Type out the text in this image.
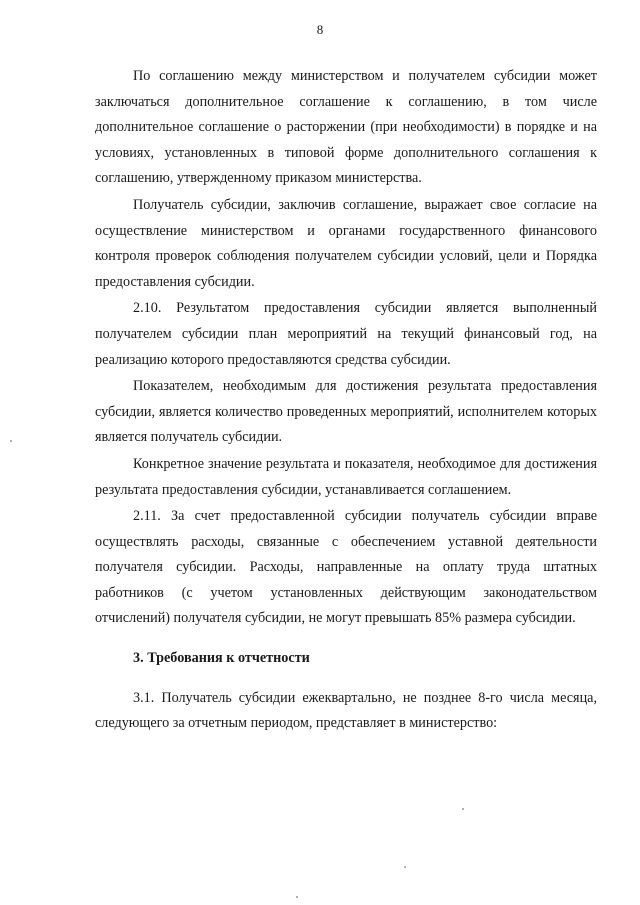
8

По соглашению между министерством и получателем субсидии может заключаться дополнительное соглашение к соглашению, в том числе дополнительное соглашение о расторжении (при необходимости) в порядке и на условиях, установленных в типовой форме дополнительного соглашения к соглашению, утвержденному приказом министерства.

Получатель субсидии, заключив соглашение, выражает свое согласие на осуществление министерством и органами государственного финансового контроля проверок соблюдения получателем субсидии условий, цели и Порядка предоставления субсидии.

2.10. Результатом предоставления субсидии является выполненный получателем субсидии план мероприятий на текущий финансовый год, на реализацию которого предоставляются средства субсидии.

Показателем, необходимым для достижения результата предоставления субсидии, является количество проведенных мероприятий, исполнителем которых является получатель субсидии.

Конкретное значение результата и показателя, необходимое для достижения результата предоставления субсидии, устанавливается соглашением.

2.11. За счет предоставленной субсидии получатель субсидии вправе осуществлять расходы, связанные с обеспечением уставной деятельности получателя субсидии. Расходы, направленные на оплату труда штатных работников (с учетом установленных действующим законодательством отчислений) получателя субсидии, не могут превышать 85% размера субсидии.

3. Требования к отчетности

3.1. Получатель субсидии ежеквартально, не позднее 8-го числа месяца, следующего за отчетным периодом, представляет в министерство:
